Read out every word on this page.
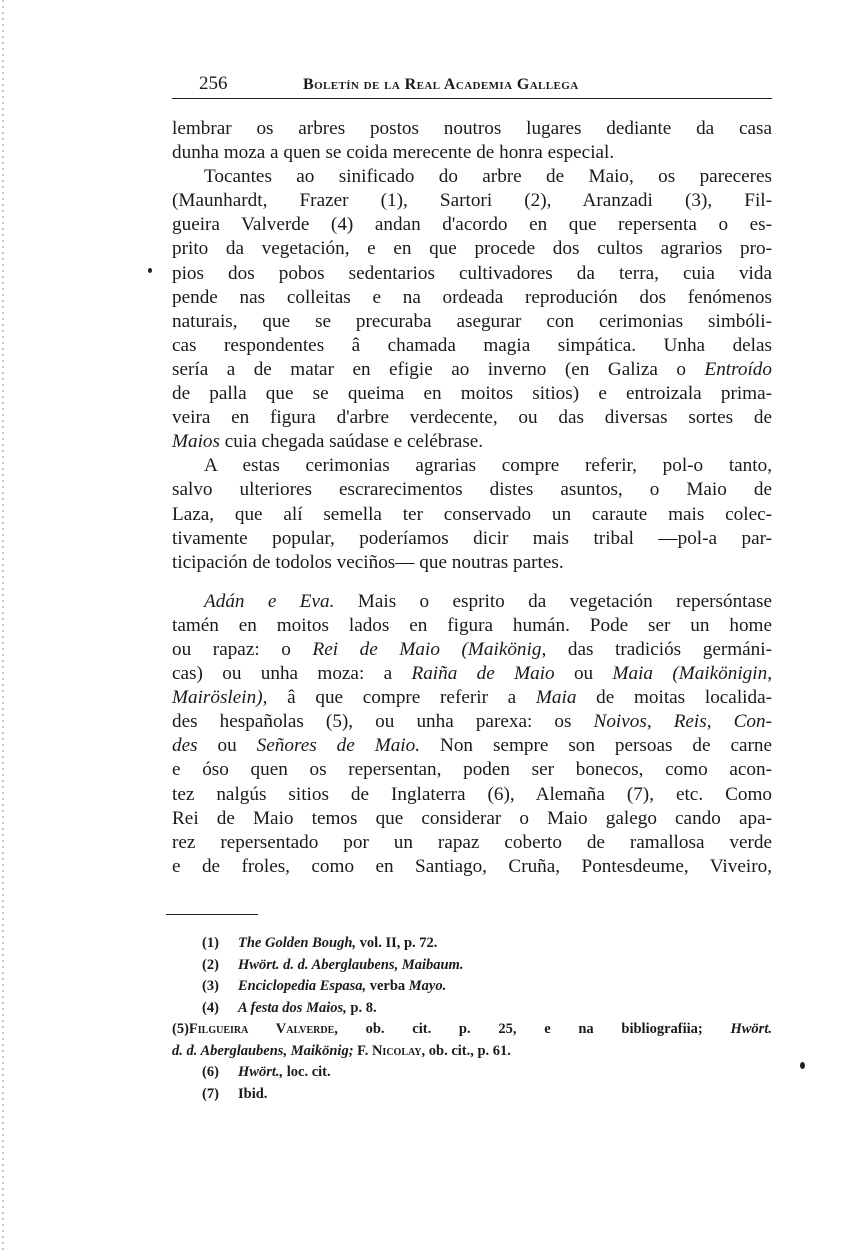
256	Boletín de la Real Academia Gallega
lembrar os arbres postos noutros lugares dediante da casa
dunha moza a quen se coida merecente de honra especial.
Tocantes ao sinificado do arbre de Maio, os pareceres
(Maunhardt, Frazer (1), Sartori (2), Aranzadi (3), Fil-
gueira Valverde (4) andan d'acordo en que repersenta o es-
prito da vegetación, e en que procede dos cultos agrarios pro-
pios dos pobos sedentarios cultivadores da terra, cuia vida
pende nas colleitas e na ordeada reprodución dos fenómenos
naturais, que se precuraba asegurar con cerimonias simbóli-
cas respondentes â chamada magia simpática. Unha delas
sería a de matar en efigie ao inverno (en Galiza o Entroído
de palla que se queima en moitos sitios) e entroizala prima-
veira en figura d'arbre verdecente, ou das diversas sortes de
Maios cuia chegada saúdase e celébrase.
A estas cerimonias agrarias compre referir, pol-o tanto,
salvo ulteriores escrarecimentos distes asuntos, o Maio de
Laza, que alí semella ter conservado un caraute mais colec-
tivamente popular, poderíamos dicir mais tribal —pol-a par-
ticipación de todolos veciños— que noutras partes.
Adán e Eva. Mais o esprito da vegetación repersóntase
tamén en moitos lados en figura humán. Pode ser un home
ou rapaz: o Rei de Maio (Maikönig, das tradiciós germáni-
cas) ou unha moza: a Raiña de Maio ou Maia (Maikönigin,
Mairöslein), â que compre referir a Maia de moitas localida-
des hespañolas (5), ou unha parexa: os Noivos, Reis, Con-
des ou Señores de Maio. Non sempre son persoas de carne
e óso quen os repersentan, poden ser bonecos, como acon-
tez nalgús sitios de Inglaterra (6), Alemaña (7), etc. Como
Rei de Maio temos que considerar o Maio galego cando apa-
rez repersentado por un rapaz coberto de ramallosa verde
e de froles, como en Santiago, Cruña, Pontesdeume, Viveiro,
(1) The Golden Bough, vol. II, p. 72.
(2) Hwört. d. d. Aberglaubens, Maibaum.
(3) Enciclopedia Espasa, verba Mayo.
(4) A festa dos Maios, p. 8.
(5)Filgueira Valverde, ob. cit. p. 25, e na bibliografiia; Hwört.
d. d. Aberglaubens, Maikönig; F. Nicolay, ob. cit., p. 61.
(6) Hwört., loc. cit.
(7) Ibid.
